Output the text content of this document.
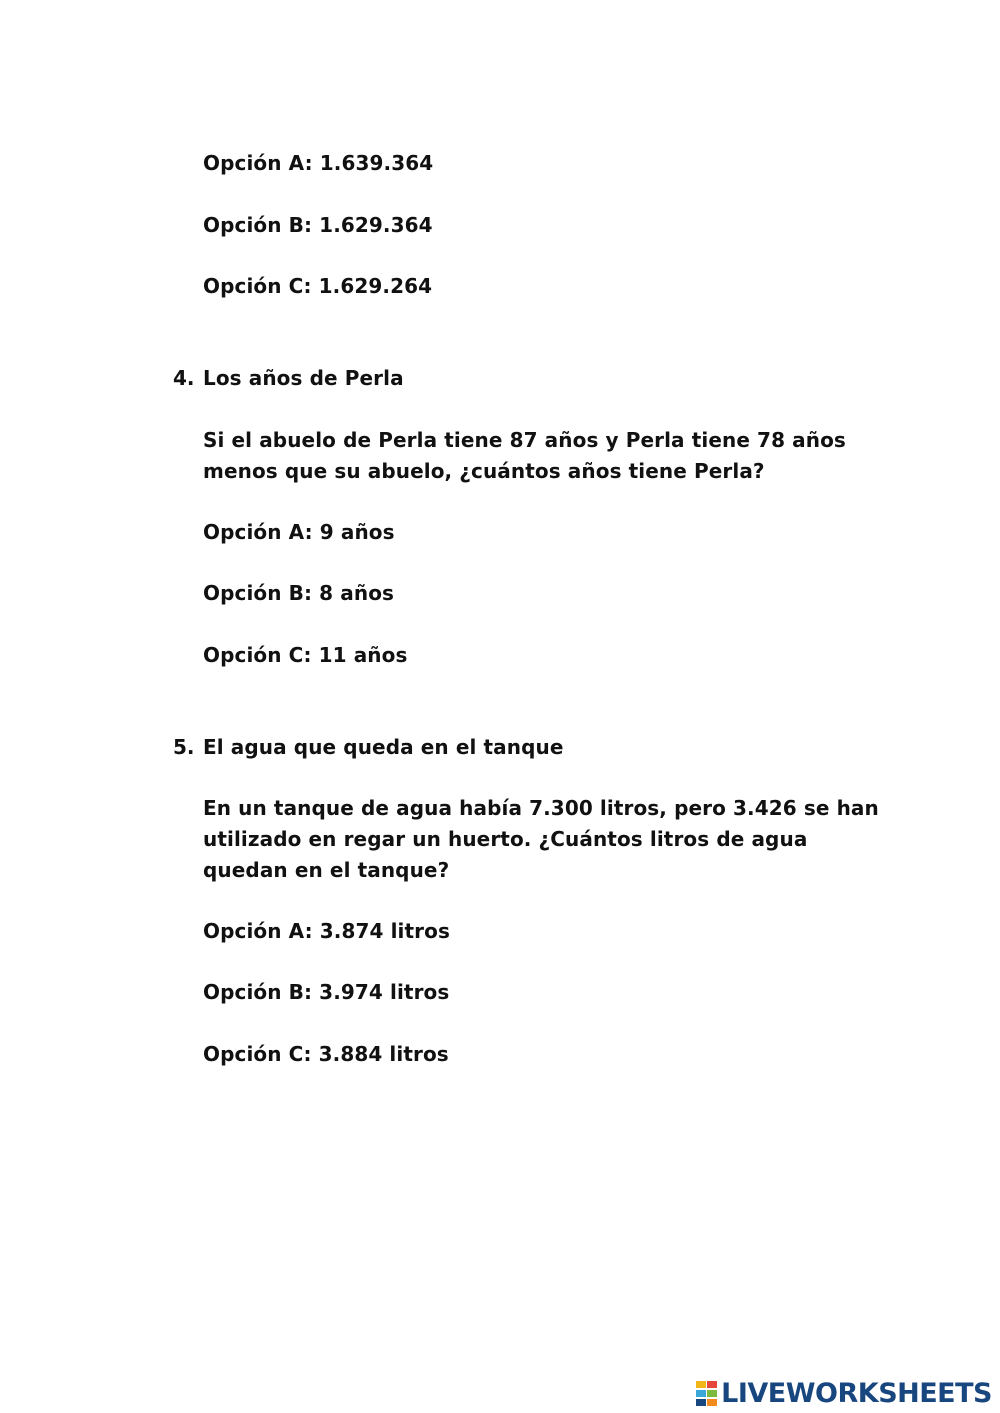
Opción A: 1.639.364
Opción B: 1.629.364
Opción C: 1.629.264
4. Los años de Perla
Si el abuelo de Perla tiene 87 años y Perla tiene 78 años
menos que su abuelo, ¿cuántos años tiene Perla?
Opción A: 9 años
Opción B: 8 años
Opción C: 11 años
5. El agua que queda en el tanque
En un tanque de agua había 7.300 litros, pero 3.426 se han
utilizado en regar un huerto. ¿Cuántos litros de agua
quedan en el tanque?
Opción A: 3.874 litros
Opción B: 3.974 litros
Opción C: 3.884 litros
LIVEWORKSHEETS
